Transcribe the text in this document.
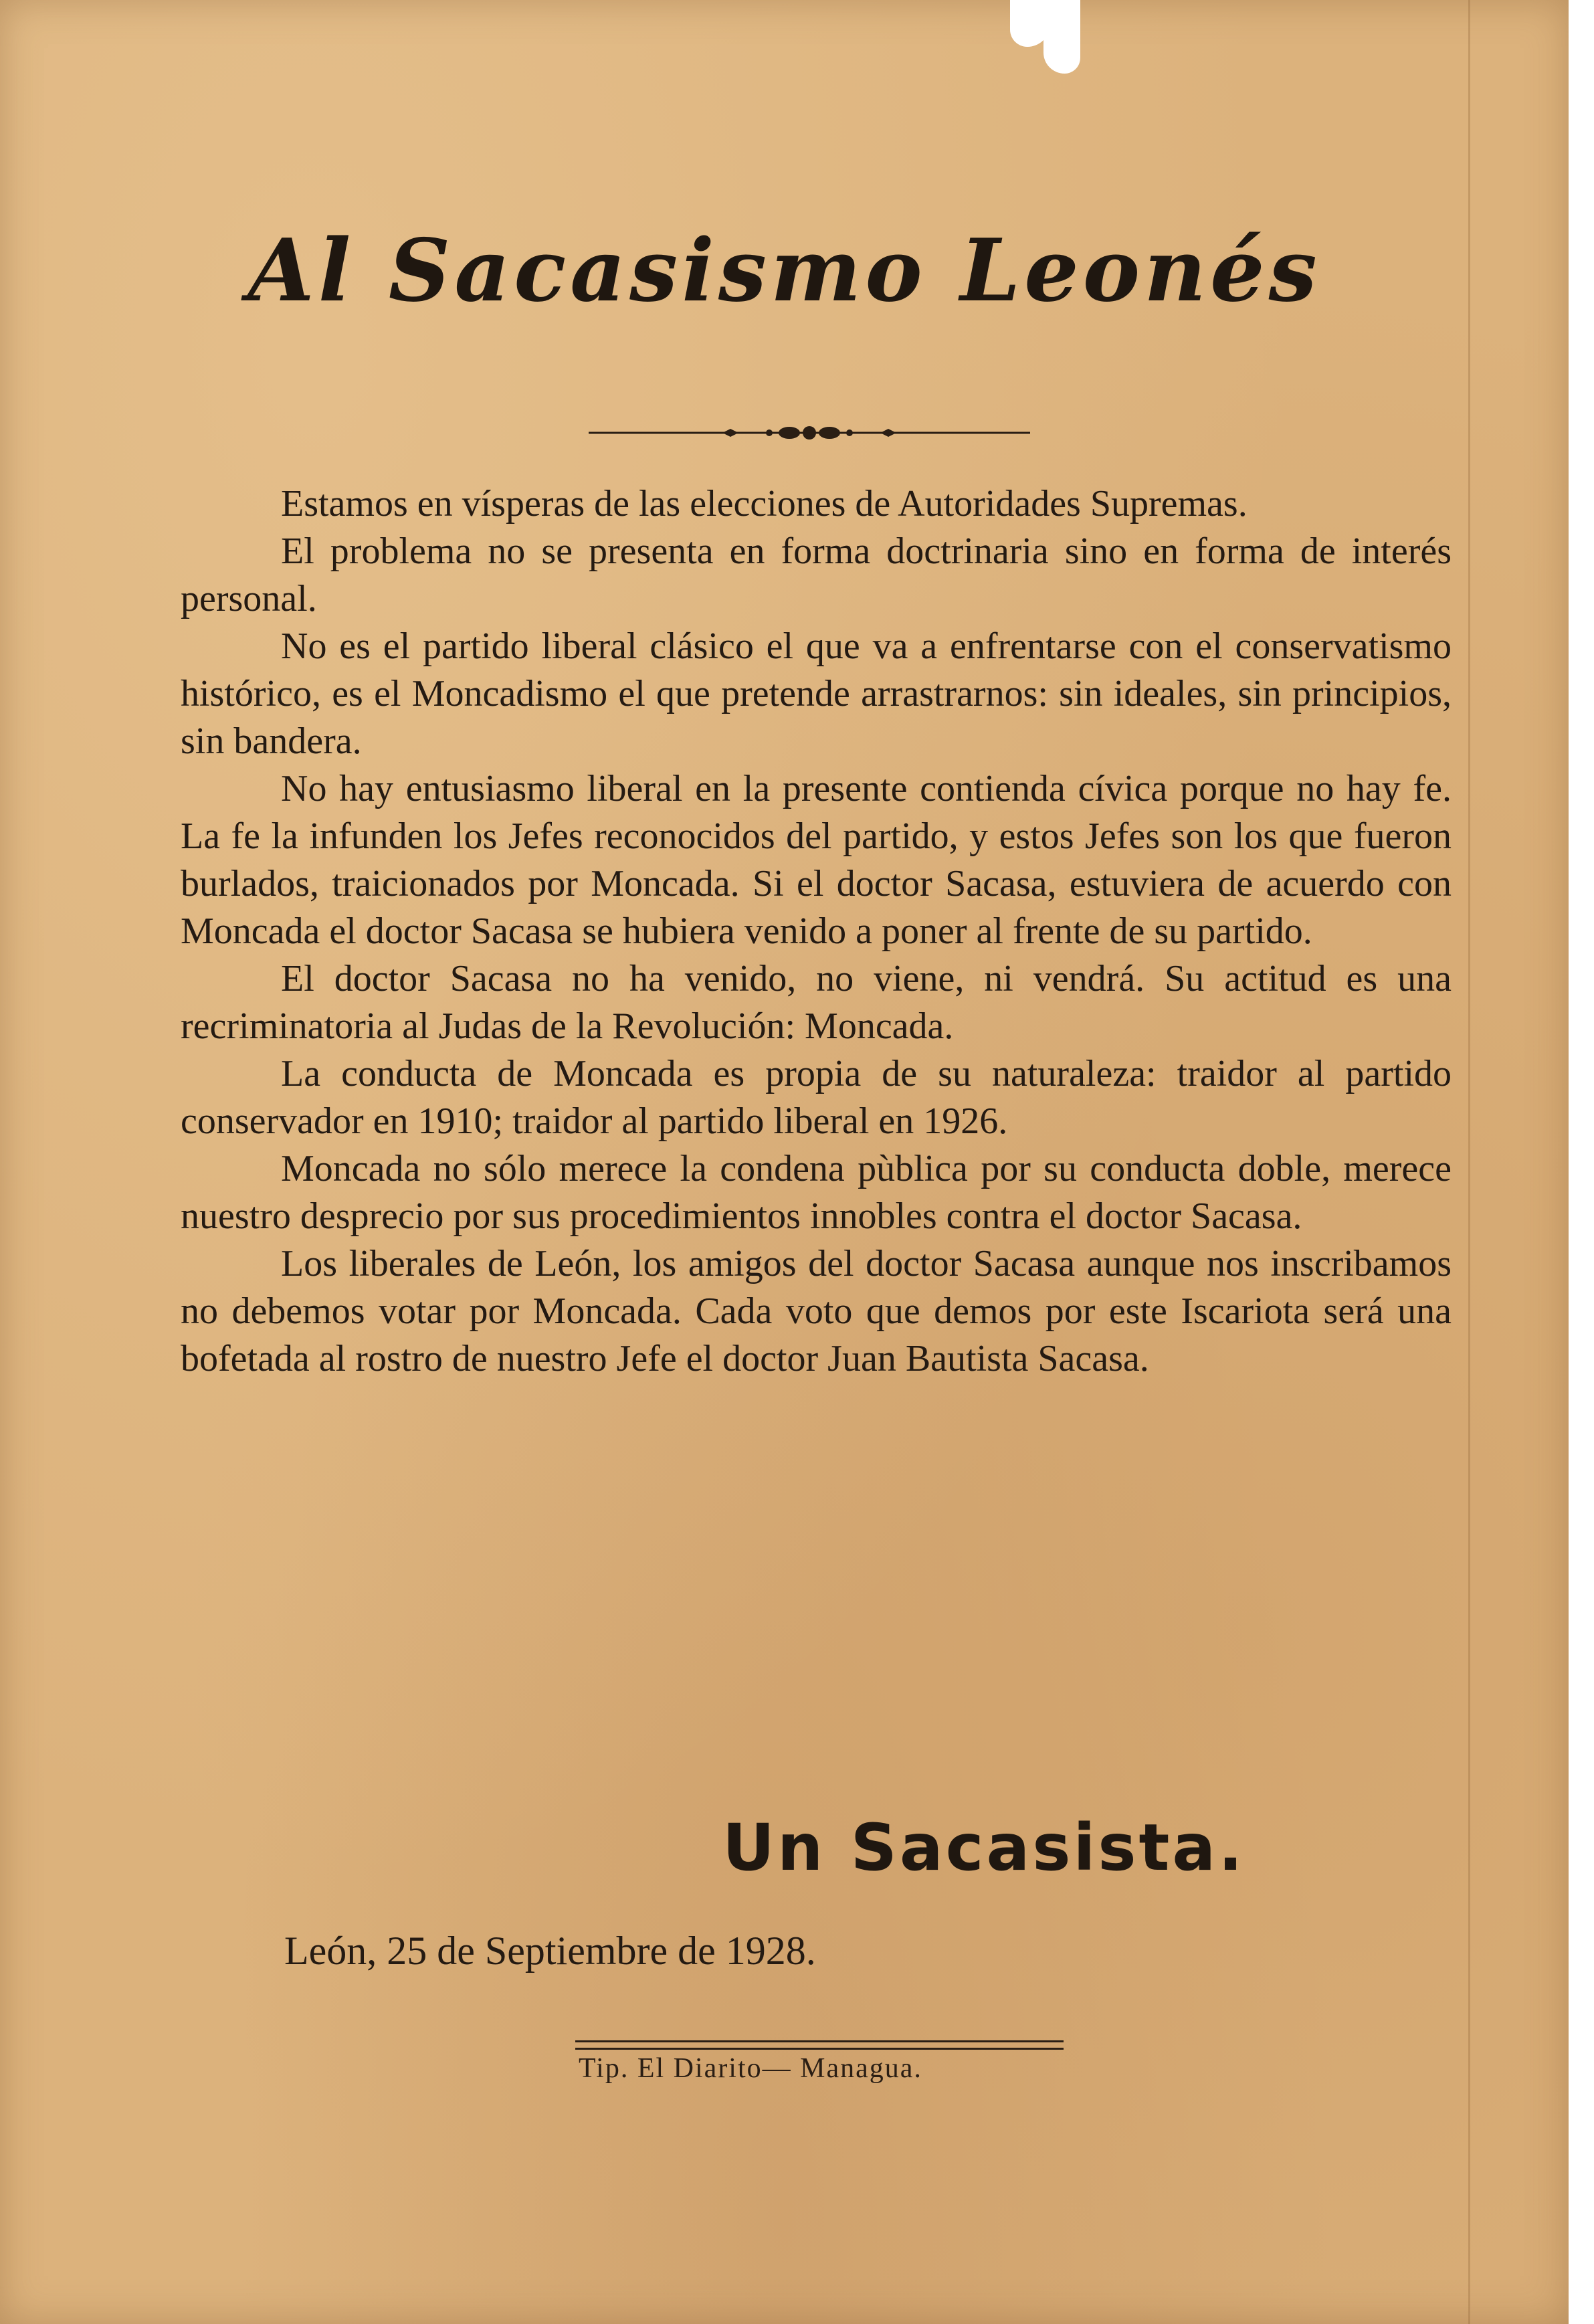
Al Sacasismo Leonés

Estamos en vísperas de las elecciones de Autoridades Supremas.

El problema no se presenta en forma doctrinaria sino en forma de interés personal.

No es el partido liberal clásico el que va a enfrentarse con el conservatismo histórico, es el Moncadismo el que pretende arrastrarnos: sin ideales, sin principios, sin bandera.

No hay entusiasmo liberal en la presente contienda cívica porque no hay fe. La fe la infunden los Jefes reconocidos del partido, y estos Jefes son los que fueron burlados, traicionados por Moncada. Si el doctor Sacasa, estuviera de acuerdo con Moncada el doctor Sacasa se hubiera venido a poner al frente de su partido.

El doctor Sacasa no ha venido, no viene, ni vendrá. Su actitud es una recriminatoria al Judas de la Revolución: Moncada.

La conducta de Moncada es propia de su naturaleza: traidor al partido conservador en 1910; traidor al partido liberal en 1926.

Moncada no sólo merece la condena pùblica por su conducta doble, merece nuestro desprecio por sus procedimientos innobles contra el doctor Sacasa.

Los liberales de León, los amigos del doctor Sacasa aunque nos inscribamos no debemos votar por Moncada. Cada voto que demos por este Iscariota será una bofetada al rostro de nuestro Jefe el doctor Juan Bautista Sacasa.

Un Sacasista.
León, 25 de Septiembre de 1928.
Tip. El Diarito— Managua.
